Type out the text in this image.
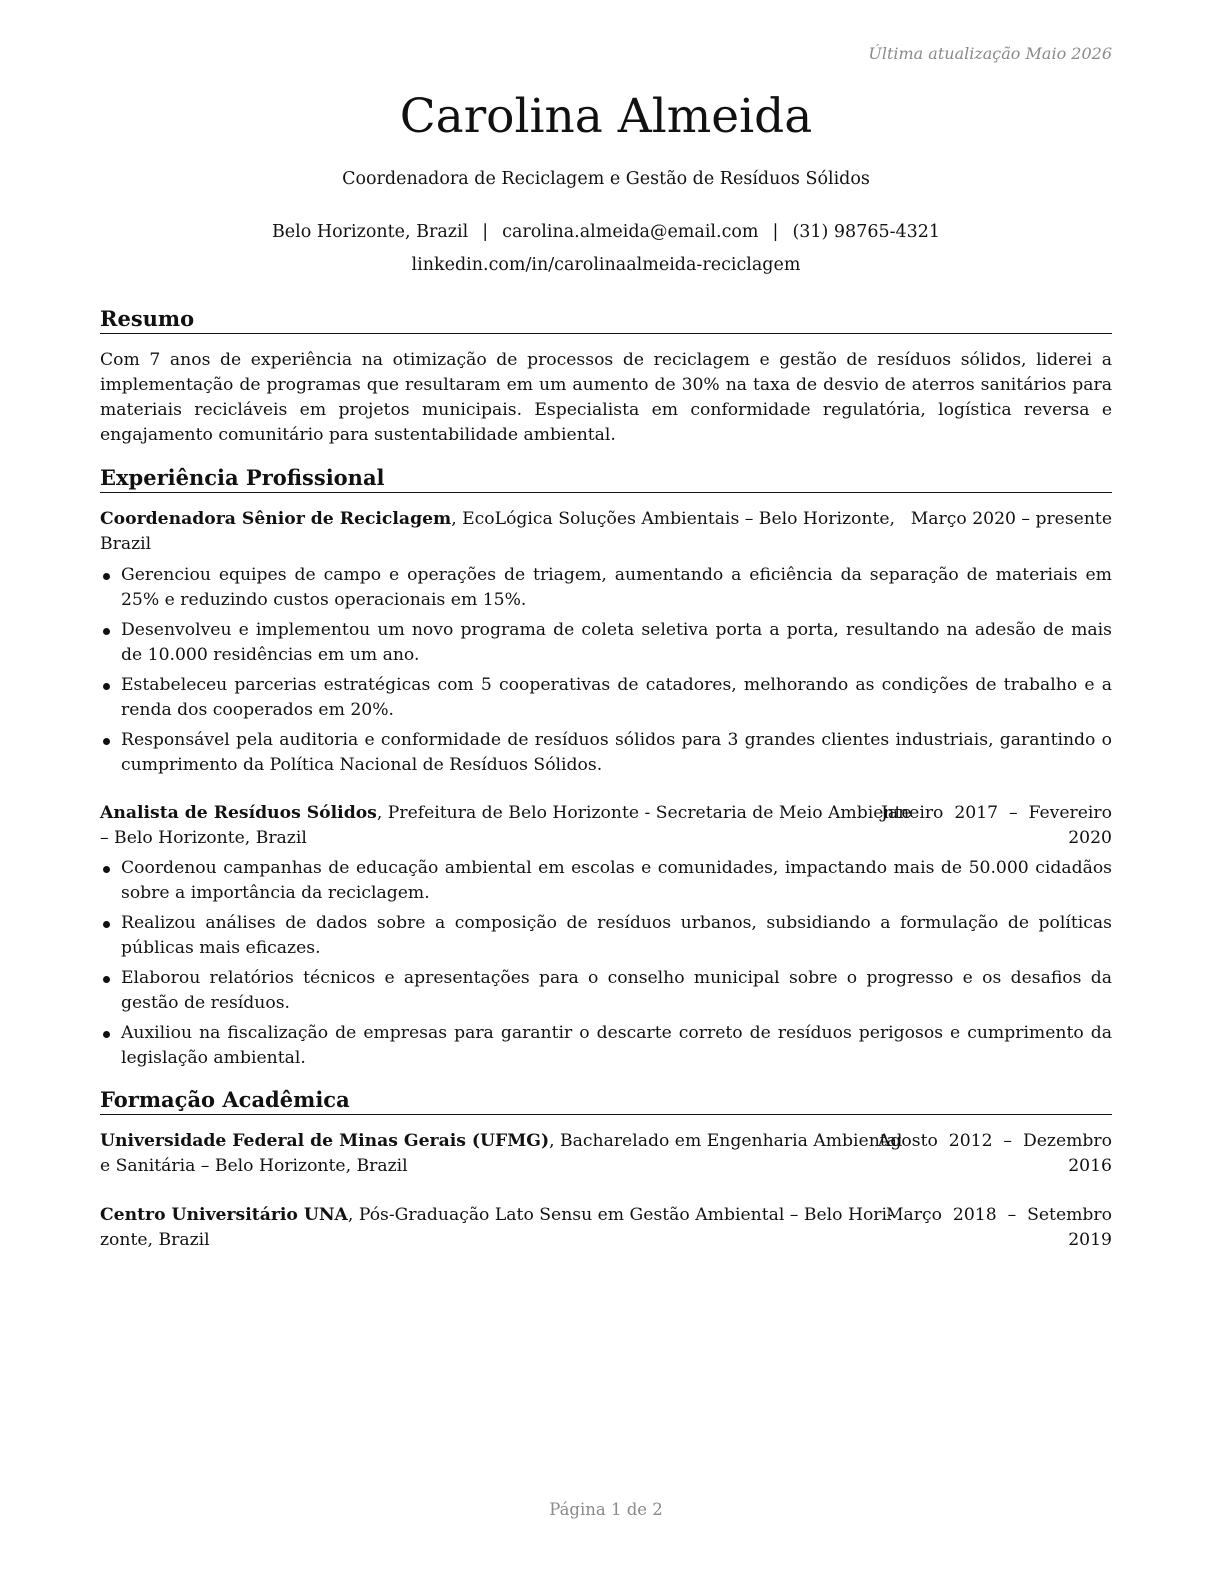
Última atualização Maio 2026
Carolina Almeida
Coordenadora de Reciclagem e Gestão de Resíduos Sólidos
Belo Horizonte, Brazil | carolina.almeida@email.com | (31) 98765-4321
linkedin.com/in/carolinaalmeida-reciclagem
Resumo
Com 7 anos de experiência na otimização de processos de reciclagem e gestão de resíduos sólidos, liderei a implementação de programas que resultaram em um aumento de 30% na taxa de desvio de aterros sanitários para materiais recicláveis em projetos municipais. Especialista em conformidade regulatória, logística reversa e engajamento comunitário para sustentabilidade ambiental.
Experiência Profissional
Coordenadora Sênior de Reciclagem, EcoLógica Soluções Ambientais – Belo Horizonte,
Brazil
Março 2020 – presente
Gerenciou equipes de campo e operações de triagem, aumentando a eficiência da separação de materiais em 25% e reduzindo custos operacionais em 15%.
Desenvolveu e implementou um novo programa de coleta seletiva porta a porta, resultando na adesão de mais de 10.000 residências em um ano.
Estabeleceu parcerias estratégicas com 5 cooperativas de catadores, melhorando as condições de trabalho e a renda dos cooperados em 20%.
Responsável pela auditoria e conformidade de resíduos sólidos para 3 grandes clientes industriais, garantindo o cumprimento da Política Nacional de Resíduos Sólidos.
Analista de Resíduos Sólidos, Prefeitura de Belo Horizonte - Secretaria de Meio Ambiente
– Belo Horizonte, Brazil
Janeiro  2017  –  Fevereiro
2020
Coordenou campanhas de educação ambiental em escolas e comunidades, impactando mais de 50.000 cidadãos sobre a importância da reciclagem.
Realizou análises de dados sobre a composição de resíduos urbanos, subsidiando a formulação de políticas públicas mais eficazes.
Elaborou relatórios técnicos e apresentações para o conselho municipal sobre o progresso e os desafios da gestão de resíduos.
Auxiliou na fiscalização de empresas para garantir o descarte correto de resíduos perigosos e cumprimento da legislação ambiental.
Formação Acadêmica
Universidade Federal de Minas Gerais (UFMG), Bacharelado em Engenharia Ambiental
e Sanitária – Belo Horizonte, Brazil
Agosto  2012  –  Dezembro
2016
Centro Universitário UNA, Pós-Graduação Lato Sensu em Gestão Ambiental – Belo Hori-
zonte, Brazil
Março  2018  –  Setembro
2019
Página 1 de 2
